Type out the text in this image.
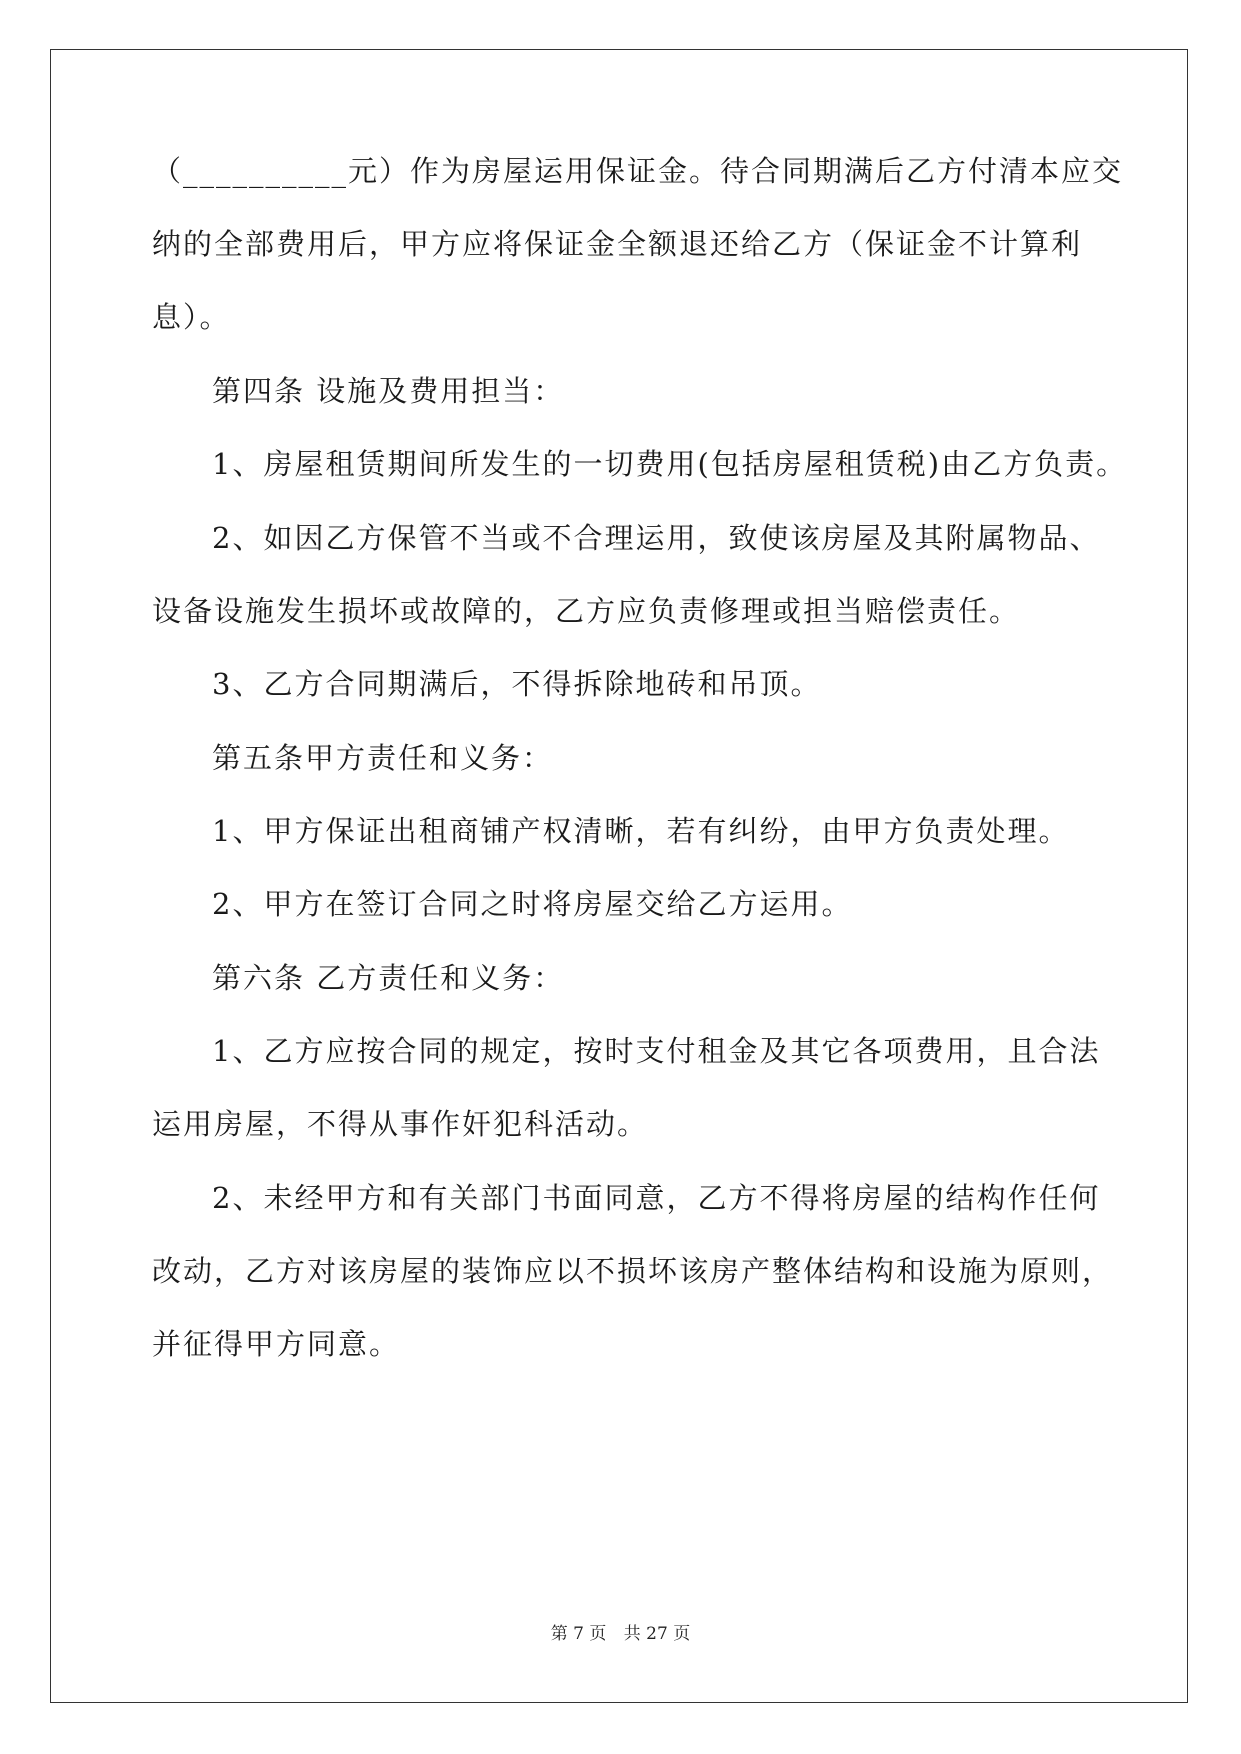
（__________元）作为房屋运用保证金。待合同期满后乙方付清本应交
纳的全部费用后，甲方应将保证金全额退还给乙方（保证金不计算利
息）。
第四条 设施及费用担当：
1、房屋租赁期间所发生的一切费用(包括房屋租赁税)由乙方负责。
2、如因乙方保管不当或不合理运用，致使该房屋及其附属物品、
设备设施发生损坏或故障的，乙方应负责修理或担当赔偿责任。
3、乙方合同期满后，不得拆除地砖和吊顶。
第五条甲方责任和义务：
1、甲方保证出租商铺产权清晰，若有纠纷，由甲方负责处理。
2、甲方在签订合同之时将房屋交给乙方运用。
第六条 乙方责任和义务：
1、乙方应按合同的规定，按时支付租金及其它各项费用，且合法
运用房屋，不得从事作奸犯科活动。
2、未经甲方和有关部门书面同意，乙方不得将房屋的结构作任何
改动，乙方对该房屋的装饰应以不损坏该房产整体结构和设施为原则，
并征得甲方同意。
第 7 页 共 27 页
